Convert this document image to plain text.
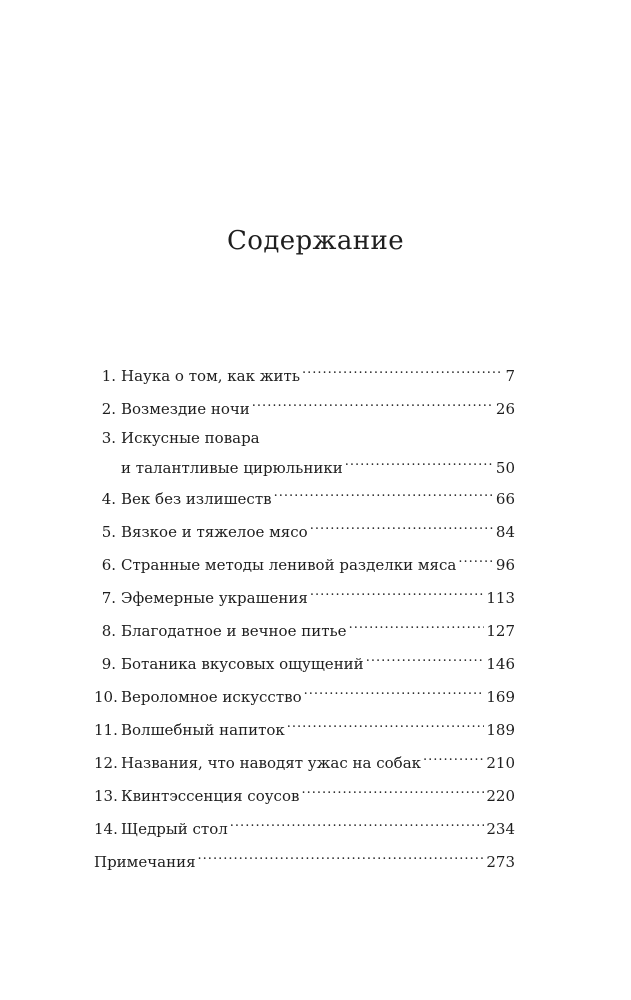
Содержание
1. Наука о том, как жить .....	7
2. Возмездие ночи .....	26
3. Искусные повара
и талантливые цирюльники .....	50
4. Век без излишеств .....	66
5. Вязкое и тяжелое мясо .....	84
6. Странные методы ленивой разделки мяса .....	96
7. Эфемерные украшения .....	113
8. Благодатное и вечное питье .....	127
9. Ботаника вкусовых ощущений .....	146
10. Вероломное искусство .....	169
11. Волшебный напиток .....	189
12. Названия, что наводят ужас на собак .....	210
13. Квинтэссенция соусов .....	220
14. Щедрый стол .....	234
Примечания .....	273
